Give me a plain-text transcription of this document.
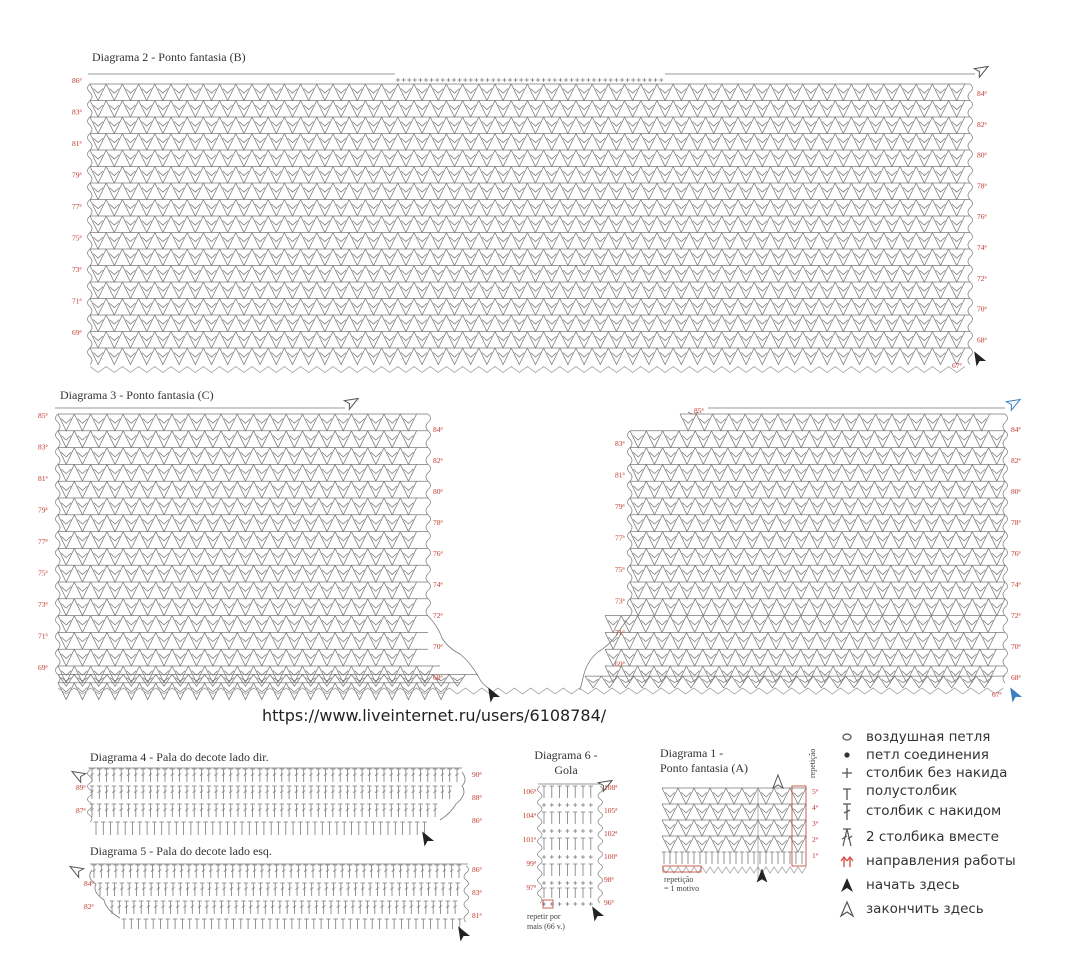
86ª
83ª
81ª
79ª
77ª
75ª
73ª
71ª
69ª
84ª
82ª
80ª
78ª
76ª
74ª
72ª
70ª
68ª
67ª
85ª
83ª
81ª
79ª
77ª
75ª
73ª
71ª
69ª
84ª
82ª
80ª
78ª
76ª
74ª
72ª
70ª
68ª
85ª
83ª
81ª
79ª
77ª
75ª
73ª
71ª
69ª
84ª
82ª
80ª
78ª
76ª
74ª
72ª
70ª
68ª
67ª
89ª
87ª
90ª
88ª
86ª
84ª
82ª
86ª
83ª
81ª
106ª
104ª
101ª
99ª
97ª
108ª
105ª
102ª
100ª
98ª
96ª
5ª
4ª
3ª
2ª
1ª
Diagrama 2 - Ponto fantasia (B)
Diagrama 3 - Ponto fantasia (C)
https://www.liveinternet.ru/users/6108784/
Diagrama 4 - Pala do decote lado dir.
Diagrama 5 - Pala do decote lado esq.
Diagrama 6 -
Gola
Diagrama 1 -
Ponto fantasia (A)
repetir por
mais (66 v.)
repetição
= 1 motivo
repetição
воздушная петля
петл соединения
столбик без накида
полустолбик
столбик с накидом
2 столбика вместе
направления работы
начать здесь
закончить здесь
